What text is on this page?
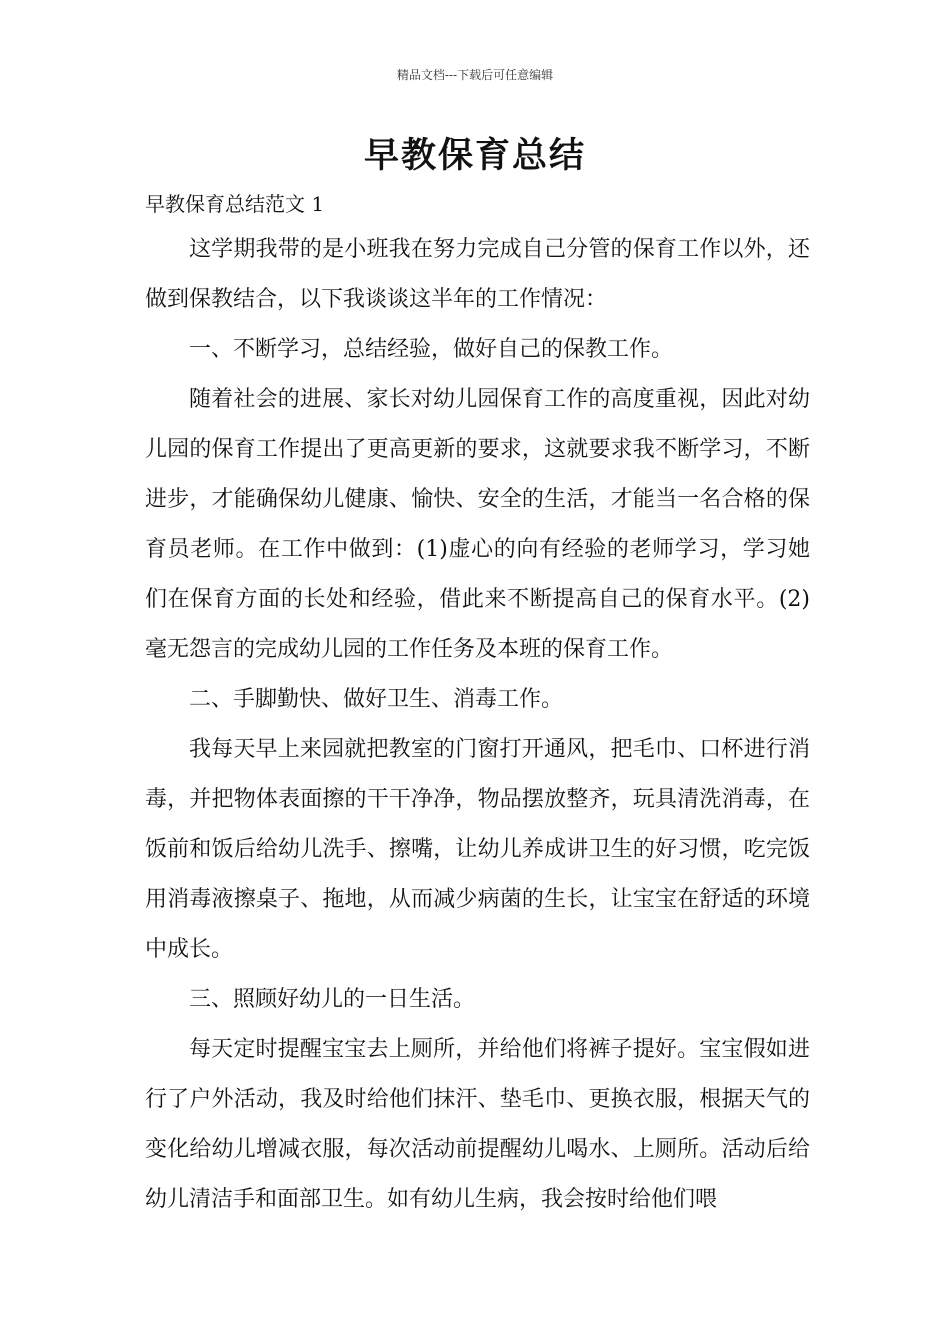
精品文档---下载后可任意编辑
早教保育总结

早教保育总结范文 1

这学期我带的是小班我在努力完成自己分管的保育工作以外，还做到保教结合，以下我谈谈这半年的工作情况：

一、不断学习，总结经验，做好自己的保教工作。

随着社会的进展、家长对幼儿园保育工作的高度重视，因此对幼儿园的保育工作提出了更高更新的要求，这就要求我不断学习，不断进步，才能确保幼儿健康、愉快、安全的生活，才能当一名合格的保育员老师。在工作中做到：(1)虚心的向有经验的老师学习，学习她们在保育方面的长处和经验，借此来不断提高自己的保育水平。(2)毫无怨言的完成幼儿园的工作任务及本班的保育工作。

二、手脚勤快、做好卫生、消毒工作。

我每天早上来园就把教室的门窗打开通风，把毛巾、口杯进行消毒，并把物体表面擦的干干净净，物品摆放整齐，玩具清洗消毒，在饭前和饭后给幼儿洗手、擦嘴，让幼儿养成讲卫生的好习惯，吃完饭用消毒液擦桌子、拖地，从而减少病菌的生长，让宝宝在舒适的环境中成长。

三、照顾好幼儿的一日生活。

每天定时提醒宝宝去上厕所，并给他们将裤子提好。宝宝假如进行了户外活动，我及时给他们抹汗、垫毛巾、更换衣服，根据天气的变化给幼儿增减衣服，每次活动前提醒幼儿喝水、上厕所。活动后给幼儿清洁手和面部卫生。如有幼儿生病，我会按时给他们喂
